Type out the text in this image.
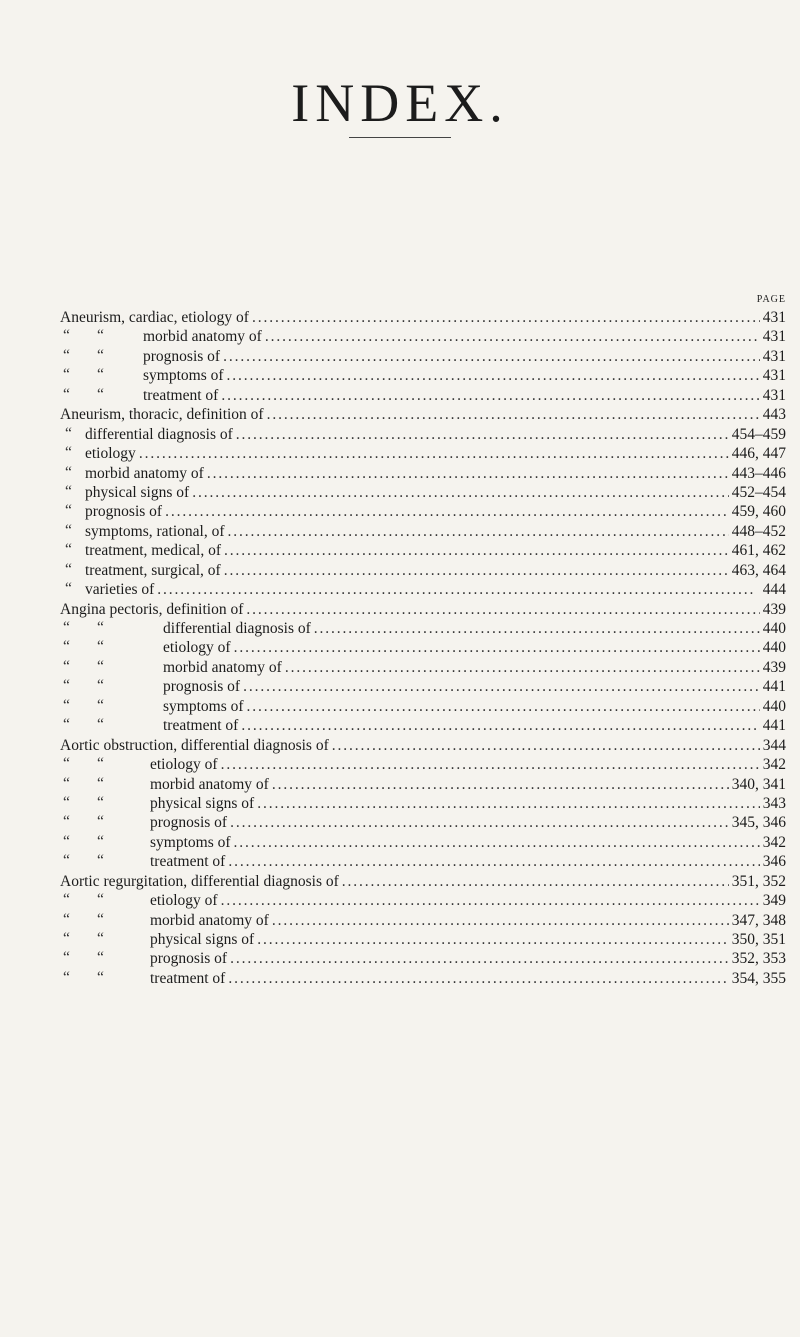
INDEX.
PAGE
Aneurism, cardiac, etiology of . . .	431
“ “	morbid anatomy of . . .	431
“ “	prognosis of . . .	431
“ “	symptoms of . . .	431
“ “	treatment of . . .	431
Aneurism, thoracic, definition of . . .	443
“ differential diagnosis of . . .	454–459
“ etiology . . .	446, 447
“ morbid anatomy of . . .	443–446
“ physical signs of . . .	452–454
“ prognosis of . . .	459, 460
“ symptoms, rational, of . . .	448–452
“ treatment, medical, of . . .	461, 462
“ treatment, surgical, of . . .	463, 464
“ varieties of . . .	444
Angina pectoris, definition of . . .	439
“ “	differential diagnosis of . . .	440
“ “	etiology of . . .	440
“ “	morbid anatomy of . . .	439
“ “	prognosis of . . .	441
“ “	symptoms of . . .	440
“ “	treatment of . . .	441
Aortic obstruction, differential diagnosis of . . .	344
“ “	etiology of . . .	342
“ “	morbid anatomy of . . .	340, 341
“ “	physical signs of . . .	343
“ “	prognosis of . . .	345, 346
“ “	symptoms of . . .	342
“ “	treatment of . . .	346
Aortic regurgitation, differential diagnosis of . . .	351, 352
“ “	etiology of . . .	349
“ “	morbid anatomy of . . .	347, 348
“ “	physical signs of . . .	350, 351
“ “	prognosis of . . .	352, 353
“ “	treatment of . . .	354, 355
